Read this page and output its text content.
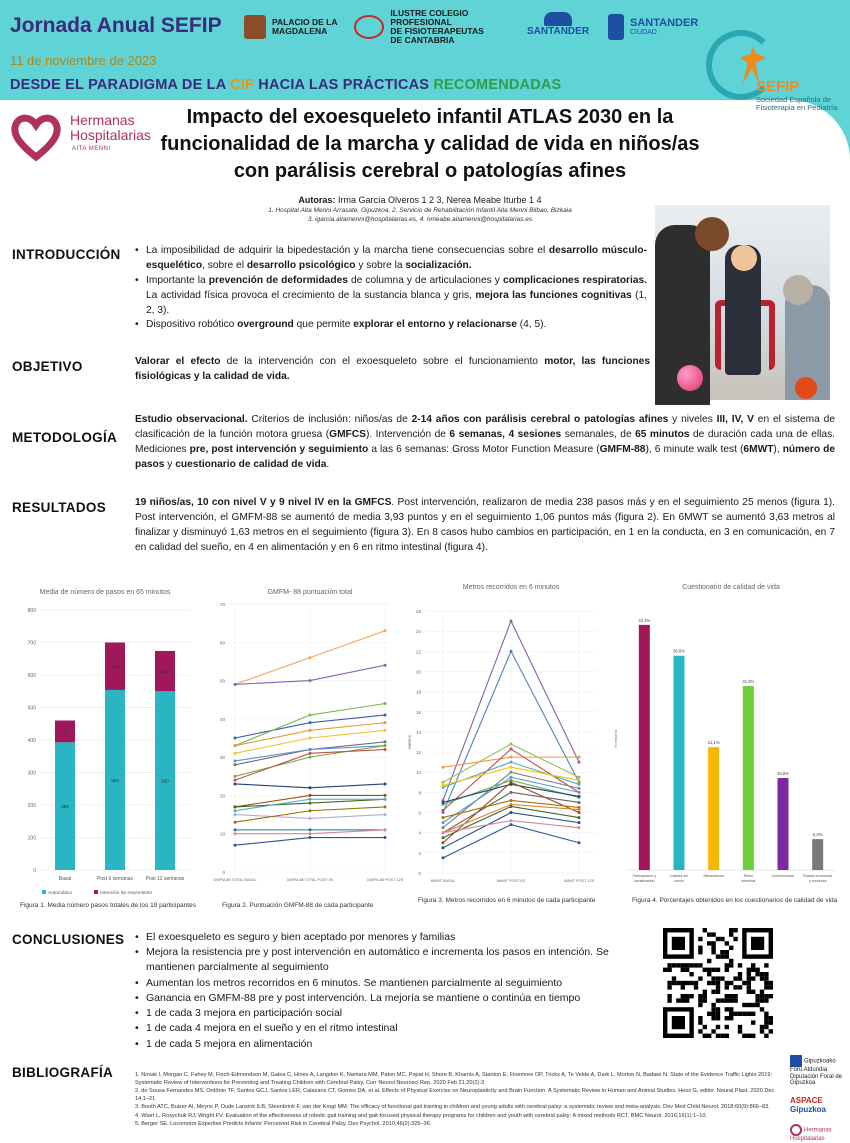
Jornada Anual SEFIP
11 de noviembre de 2023
DESDE EL PARADIGMA DE LA CIF HACIA LAS PRÁCTICAS RECOMENDADAS
PALACIO DE LA
MAGDALENA
ILUSTRE COLEGIO PROFESIONAL
DE FISIOTERAPEUTAS
DE CANTABRIA
SANTANDER
SANTANDER
CIUDAD
SEFIP
Sociedad Española de Fisioterapia en Pediatría
Hermanas
Hospitalarias
AITA MENNI
Impacto del exoesqueleto infantil ATLAS 2030 en la funcionalidad de la marcha y calidad de vida en niños/as con parálisis cerebral o patologías afines
Autoras: Irma García Olveros 1 2 3, Nerea Meabe Iturbe 1 4
1. Hospital Aita Menni Arrasate, Gipuzkoa, 2. Servicio de Rehabilitación Infantil Aita Menni Bilbao, Bizkaia
3. igarcia.aitamenni@hospitalarias.es, 4. nmeabe.aitamenni@hospitalarias.es
INTRODUCCIÓN	• La imposibilidad de adquirir la bipedestación y la marcha tiene consecuencias sobre el desarrollo músculo-esquelético, sobre el desarrollo psicológico y sobre la socialización.
• Importante la prevención de deformidades de columna y de articulaciones y complicaciones respiratorias. La actividad física provoca el crecimiento de la sustancia blanca y gris, mejora las funciones cognitivas (1, 2, 3).
• Dispositivo robótico overground que permite explorar el entorno y relacionarse (4, 5).
OBJETIVO	Valorar el efecto de la intervención con el exoesqueleto sobre el funcionamiento motor, las funciones fisiológicas y la calidad de vida.
METODOLOGÍA
Estudio observacional. Criterios de inclusión: niños/as de 2-14 años con parálisis cerebral o patologías afines y niveles III, IV, V en el sistema de clasificación de la función motora gruesa (GMFCS). Intervención de 6 semanas, 4 sesiones semanales, de 65 minutos de duración cada una de ellas. Mediciones pre, post intervención y seguimiento a las 6 semanas: Gross Motor Function Measure (GMFM-88), 6 minute walk test (6MWT), número de pasos y cuestionario de calidad de vida.
RESULTADOS	19 niños/as, 10 con nivel V y 9 nivel IV en la GMFCS. Post intervención, realizaron de media 238 pasos más y en el seguimiento 25 menos (figura 1). Post intervención, el GMFM-88 se aumentó de media 3,93 puntos y en el seguimiento 1,06 puntos más (figura 2). En 6MWT se aumentó 3,63 metros al finalizar y disminuyó 1,63 metros en el seguimiento (figura 3). En 8 casos hubo cambios en participación, en 1 en la conducta, en 3 en comunicación, en 7 en calidad del sueño, en 4 en alimentación y en 6 en ritmo intestinal (figura 4).
Media de número de pasos en 65 minutos
0
100
200
300
400
500
600
700
800
393
67
Basal
554
146
Post 6 semanas
550
124
Post 12 semanas
Automático	Intención de movimiento
Figura 1. Media número pasos totales de los 19 participantes
GMFM- 88 puntuación total
0
10
20
30
40
50
60
70
GMFM-88 TOTAL BASAL	GMFM-88 TOTAL POST 6S	GMFM-88 POST 12S
Figura 2. Puntuación GMFM-88 de cada participante
Metros recorridos en 6 minutos
0
2
4
6
8
10
12
14
16
18
20
22
24
26
metros
6MWT BASAL	6MWT POST 6S	6MWT POST 12S
Figura 3. Metros recorridos en 6 minutos de cada participante
Cuestionario de calidad de vida
% mejoría
42,1%
Participación y
socialización
36,8%
Calidad del
sueño
21,1%
Alimentación
31,6%
Ritmo
intestinal
15,8%
Comunicación
5,3%
Estado emocional
y conducta
Figura 4. Porcentajes obtenidos en los cuestionarios de calidad de vida
CONCLUSIONES	• El exoesqueleto es seguro y bien aceptado por menores y familias
• Mejora la resistencia pre y post intervención en automático e incrementa los pasos en intención. Se mantienen parcialmente al seguimiento
• Aumentan los metros recorridos en 6 minutos. Se mantienen parcialmente al seguimiento
• Ganancia en GMFM-88 pre y post intervención. La mejoría se mantiene o continúa en tiempo
• 1 de cada 3 mejora en participación social
• 1 de cada 4 mejora en el sueño y en el ritmo intestinal
• 1 de cada 5 mejora en alimentación
BIBLIOGRAFÍA	1. Novak I, Morgan C, Fahey M, Finch-Edmondson M, Galea C, Hines A, Langdon K, Namara MM, Paton MC, Popat H, Shore B, Khamis A, Stanton E, Finemore OP, Tricks A, Te Velde A, Dark L, Morton N, Badawi N. State of the Evidence Traffic Lights 2019: Systematic Review of Interventions for Preventing and Treating Children with Cerebral Palsy. Curr Neurol Neurosci Rep. 2020 Feb 21;20(2):3
2. de Sousa Fernandes MS, Ordônio TF, Santos GCJ, Santos LER, Calazans CT, Gomes DA, et al. Effects of Physical Exercise on Neuroplasticity and Brain Function: A Systematic Review in Human and Animal Studies. Hess G, editor. Neural Plast. 2020 Dec 14;1–21
3. Booth ATC, Buizer AI, Meyns P, Oude Lansink ILB, Steenbrink F, van der Krogt MM. The efficacy of functional gait training in children and young adults with cerebral palsy: a systematic review and meta-analysis. Dev Med Child Neurol. 2018;60(9):866–83.
4. Wiart L, Rosychuk RJ, Wright FV. Evaluation of the effectiveness of robotic gait training and gait-focused physical therapy programs for children and youth with cerebral palsy: A mixed methods RCT. BMC Neurol. 2016;16(1):1–10.
5. Berger SE. Locomotor Expertise Predicts Infants' Perceived Risk in Cerebral Palsy. Dev Psychol. 2010;46(2):326–36.
Gipuzkoako Foru Aldundia
Diputación Foral de Gipuzkoa
ASPACE
Gipuzkoa
Hermanas Hospitalarias
